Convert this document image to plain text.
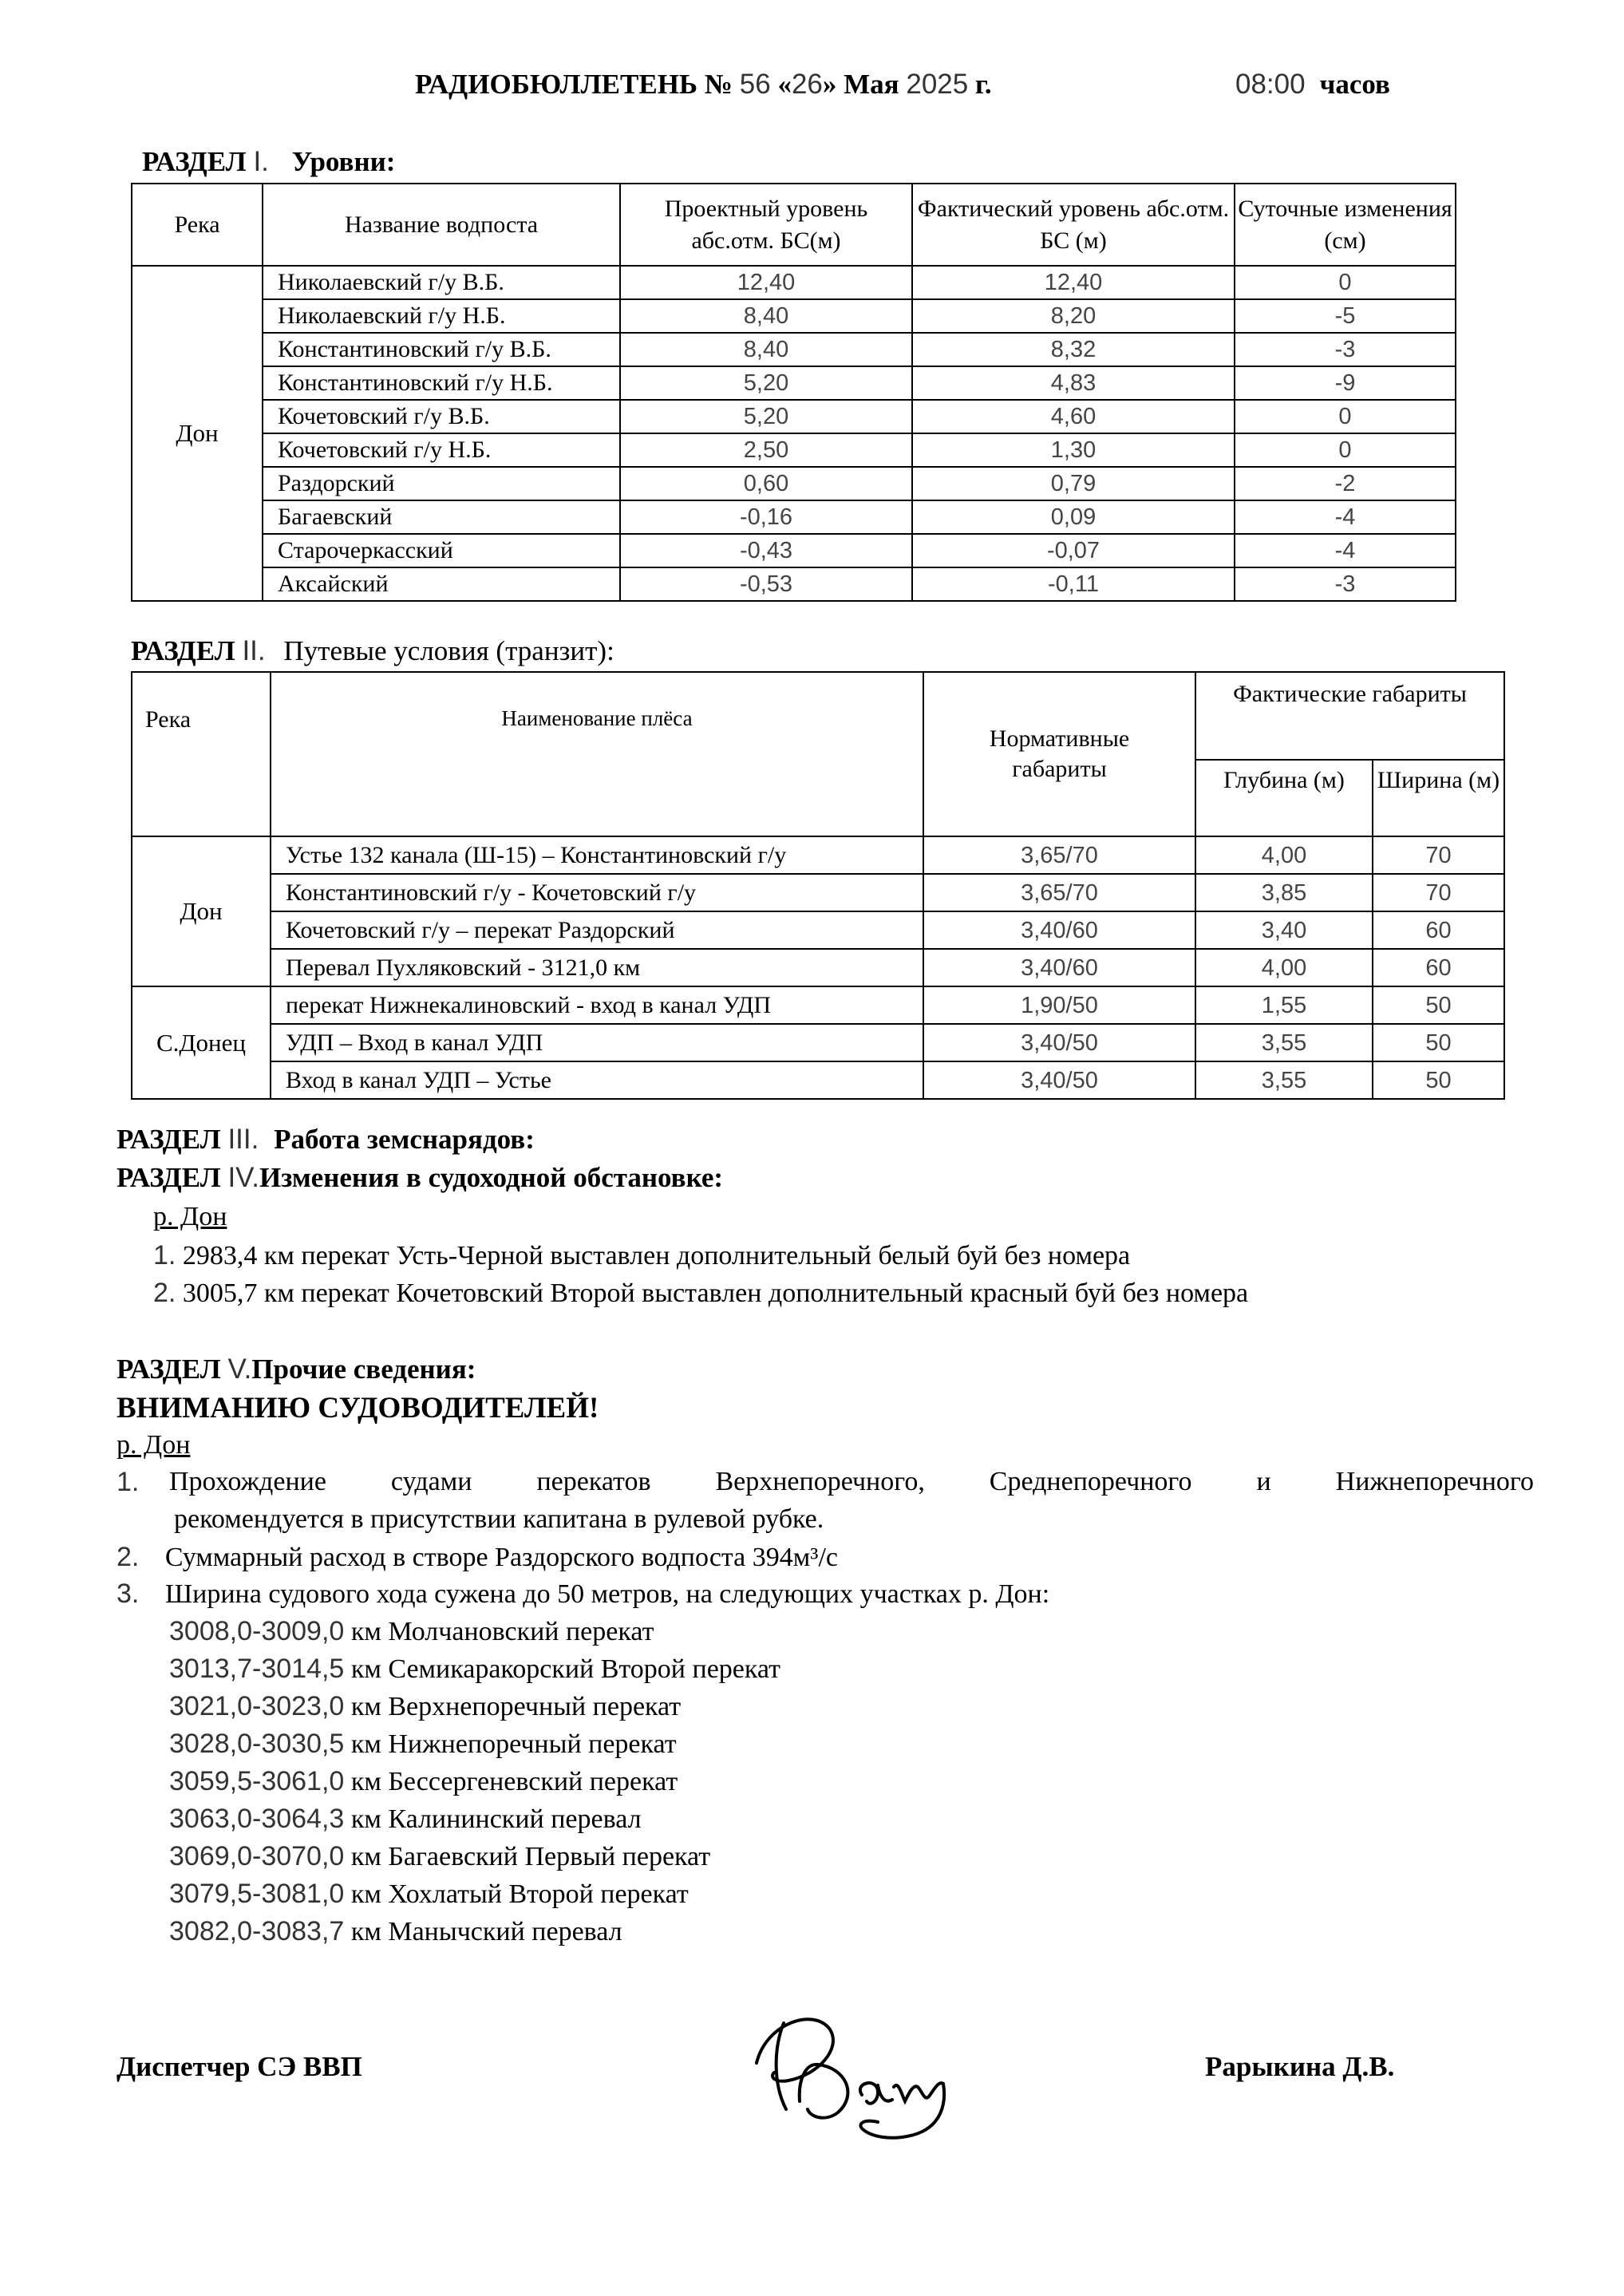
РАДИОБЮЛЛЕТЕНЬ № 56 «26» Мая 2025 г.	08:00 часов
РАЗДЕЛ I. Уровни:
Река	Название водпоста	Проектный уровень абс.отм. БС(м)	Фактический уровень абс.отм. БС (м)	Суточные изменения (см)
Дон	Николаевский г/у В.Б.	12,40	12,40	0
	Николаевский г/у Н.Б.	8,40	8,20	-5
	Константиновский г/у В.Б.	8,40	8,32	-3
	Константиновский г/у Н.Б.	5,20	4,83	-9
	Кочетовский г/у В.Б.	5,20	4,60	0
	Кочетовский г/у Н.Б.	2,50	1,30	0
	Раздорский	0,60	0,79	-2
	Багаевский	-0,16	0,09	-4
	Старочеркасский	-0,43	-0,07	-4
	Аксайский	-0,53	-0,11	-3
РАЗДЕЛ II. Путевые условия (транзит):
Река	Наименование плёса	Нормативные габариты	Фактические габариты	
			Глубина (м)	Ширина (м)
Дон	Устье 132 канала (Ш-15) – Константиновский г/у	3,65/70	4,00	70
	Константиновский г/у - Кочетовский г/у	3,65/70	3,85	70
	Кочетовский г/у – перекат Раздорский	3,40/60	3,40	60
	Перевал Пухляковский - 3121,0 км	3,40/60	4,00	60
С.Донец	перекат Нижнекалиновский - вход в канал УДП	1,90/50	1,55	50
	УДП – Вход в канал УДП	3,40/50	3,55	50
	Вход в канал УДП – Устье	3,40/50	3,55	50
РАЗДЕЛ III. Работа земснарядов:
РАЗДЕЛ IV.Изменения в судоходной обстановке:
р. Дон
1. 2983,4 км перекат Усть-Черной выставлен дополнительный белый буй без номера
2. 3005,7 км перекат Кочетовский Второй выставлен дополнительный красный буй без номера
РАЗДЕЛ V.Прочие сведения:
ВНИМАНИЮ СУДОВОДИТЕЛЕЙ!
р. Дон
1. Прохождение судами перекатов Верхнепоречного, Среднепоречного и Нижнепоречного
рекомендуется в присутствии капитана в рулевой рубке.
2. Суммарный расход в створе Раздорского водпоста 394м³/с
3. Ширина судового хода сужена до 50 метров, на следующих участках р. Дон:
3008,0-3009,0 км Молчановский перекат
3013,7-3014,5 км Семикаракорский Второй перекат
3021,0-3023,0 км Верхнепоречный перекат
3028,0-3030,5 км Нижнепоречный перекат
3059,5-3061,0 км Бессергеневский перекат
3063,0-3064,3 км Калининский перевал
3069,0-3070,0 км Багаевский Первый перекат
3079,5-3081,0 км Хохлатый Второй перекат
3082,0-3083,7 км Манычский перевал
Диспетчер СЭ ВВП	Рарыкина Д.В.
